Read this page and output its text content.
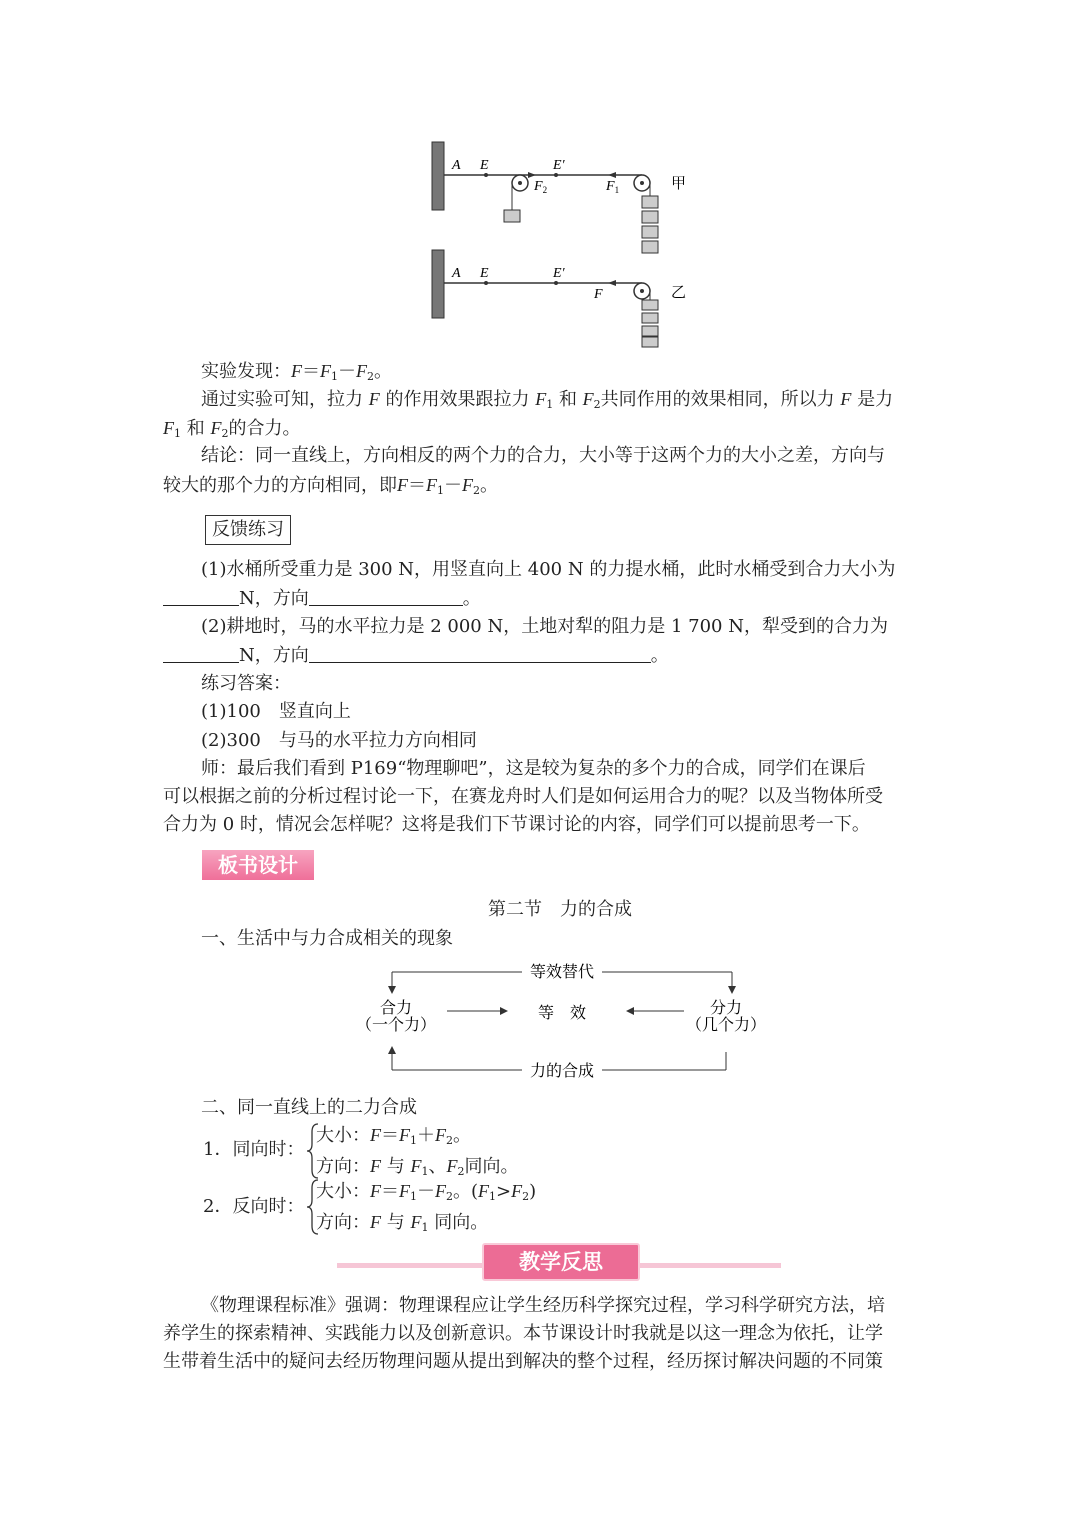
A E	E′
$F_2$	$F_1$	甲
A E	E′
F	乙
实验发现：$F=F_1-F_2$。
通过实验可知，拉力 F 的作用效果跟拉力 $F_1$ 和 $F_2$共同作用的效果相同，所以力 F 是力
$F_1$ 和 $F_2$的合力。
结论：同一直线上，方向相反的两个力的合力，大小等于这两个力的大小之差，方向与
较大的那个力的方向相同，即$F=F_1-F_2$。
反馈练习
(1)水桶所受重力是 300 N，用竖直向上 400 N 的力提水桶，此时水桶受到合力大小为
N，方向	。
(2)耕地时，马的水平拉力是 2 000 N，土地对犁的阻力是 1 700 N，犁受到的合力为
N，方向	。
练习答案：
(1)100　竖直向上
(2)300　与马的水平拉力方向相同
师：最后我们看到 P169“物理聊吧”，这是较为复杂的多个力的合成，同学们在课后
可以根据之前的分析过程讨论一下，在赛龙舟时人们是如何运用合力的呢？以及当物体所受
合力为 0 时，情况会怎样呢？这将是我们下节课讨论的内容，同学们可以提前思考一下。
板书设计
第二节　力的合成
一、生活中与力合成相关的现象
等效替代
合力
（一个力）
等　效	分力
（几个力）
力的合成
二、同一直线上的二力合成
1．同向时：
大小：$F=F_1+F_2$。
方向：F 与 $F_1$、$F_2$同向。
2．反向时：
大小：$F=F_1-F_2$。$(F_1>F_2)$
方向：F 与 $F_1$ 同向。
教学反思
《物理课程标准》强调：物理课程应让学生经历科学探究过程，学习科学研究方法，培
养学生的探索精神、实践能力以及创新意识。本节课设计时我就是以这一理念为依托，让学
生带着生活中的疑问去经历物理问题从提出到解决的整个过程，经历探讨解决问题的不同策
